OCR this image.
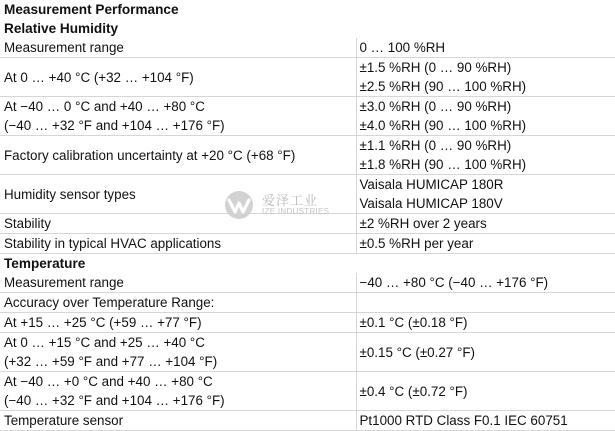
Measurement Performance	
Relative Humidity	

Measurement range	0 … 100 %RH

At 0 … +40 °C (+32 … +104 °F)	±1.5 %RH (0 … 90 %RH)
±2.5 %RH (90 … 100 %RH)

At −40 … 0 °C and +40 … +80 °C
(−40 … +32 °F and +104 … +176 °F)	±3.0 %RH (0 … 90 %RH)
±4.0 %RH (90 … 100 %RH)

Factory calibration uncertainty at +20 °C (+68 °F)	±1.1 %RH (0 … 90 %RH)
±1.8 %RH (90 … 100 %RH)

Humidity sensor types	Vaisala HUMICAP 180R
Vaisala HUMICAP 180V

Stability	±2 %RH over 2 years

Stability in typical HVAC applications	±0.5 %RH per year

Temperature	

Measurement range	−40 … +80 °C (−40 … +176 °F)

Accuracy over Temperature Range:	

At +15 … +25 °C (+59 … +77 °F)	±0.1 °C (±0.18 °F)

At 0 … +15 °C and +25 … +40 °C
(+32 … +59 °F and +77 … +104 °F)	±0.15 °C (±0.27 °F)

At −40 … +0 °C and +40 … +80 °C
(−40 … +32 °F and +104 … +176 °F)	±0.4 °C (±0.72 °F)

Temperature sensor	Pt1000 RTD Class F0.1 IEC 60751
爱泽工业
IZE INDUSTRIES
